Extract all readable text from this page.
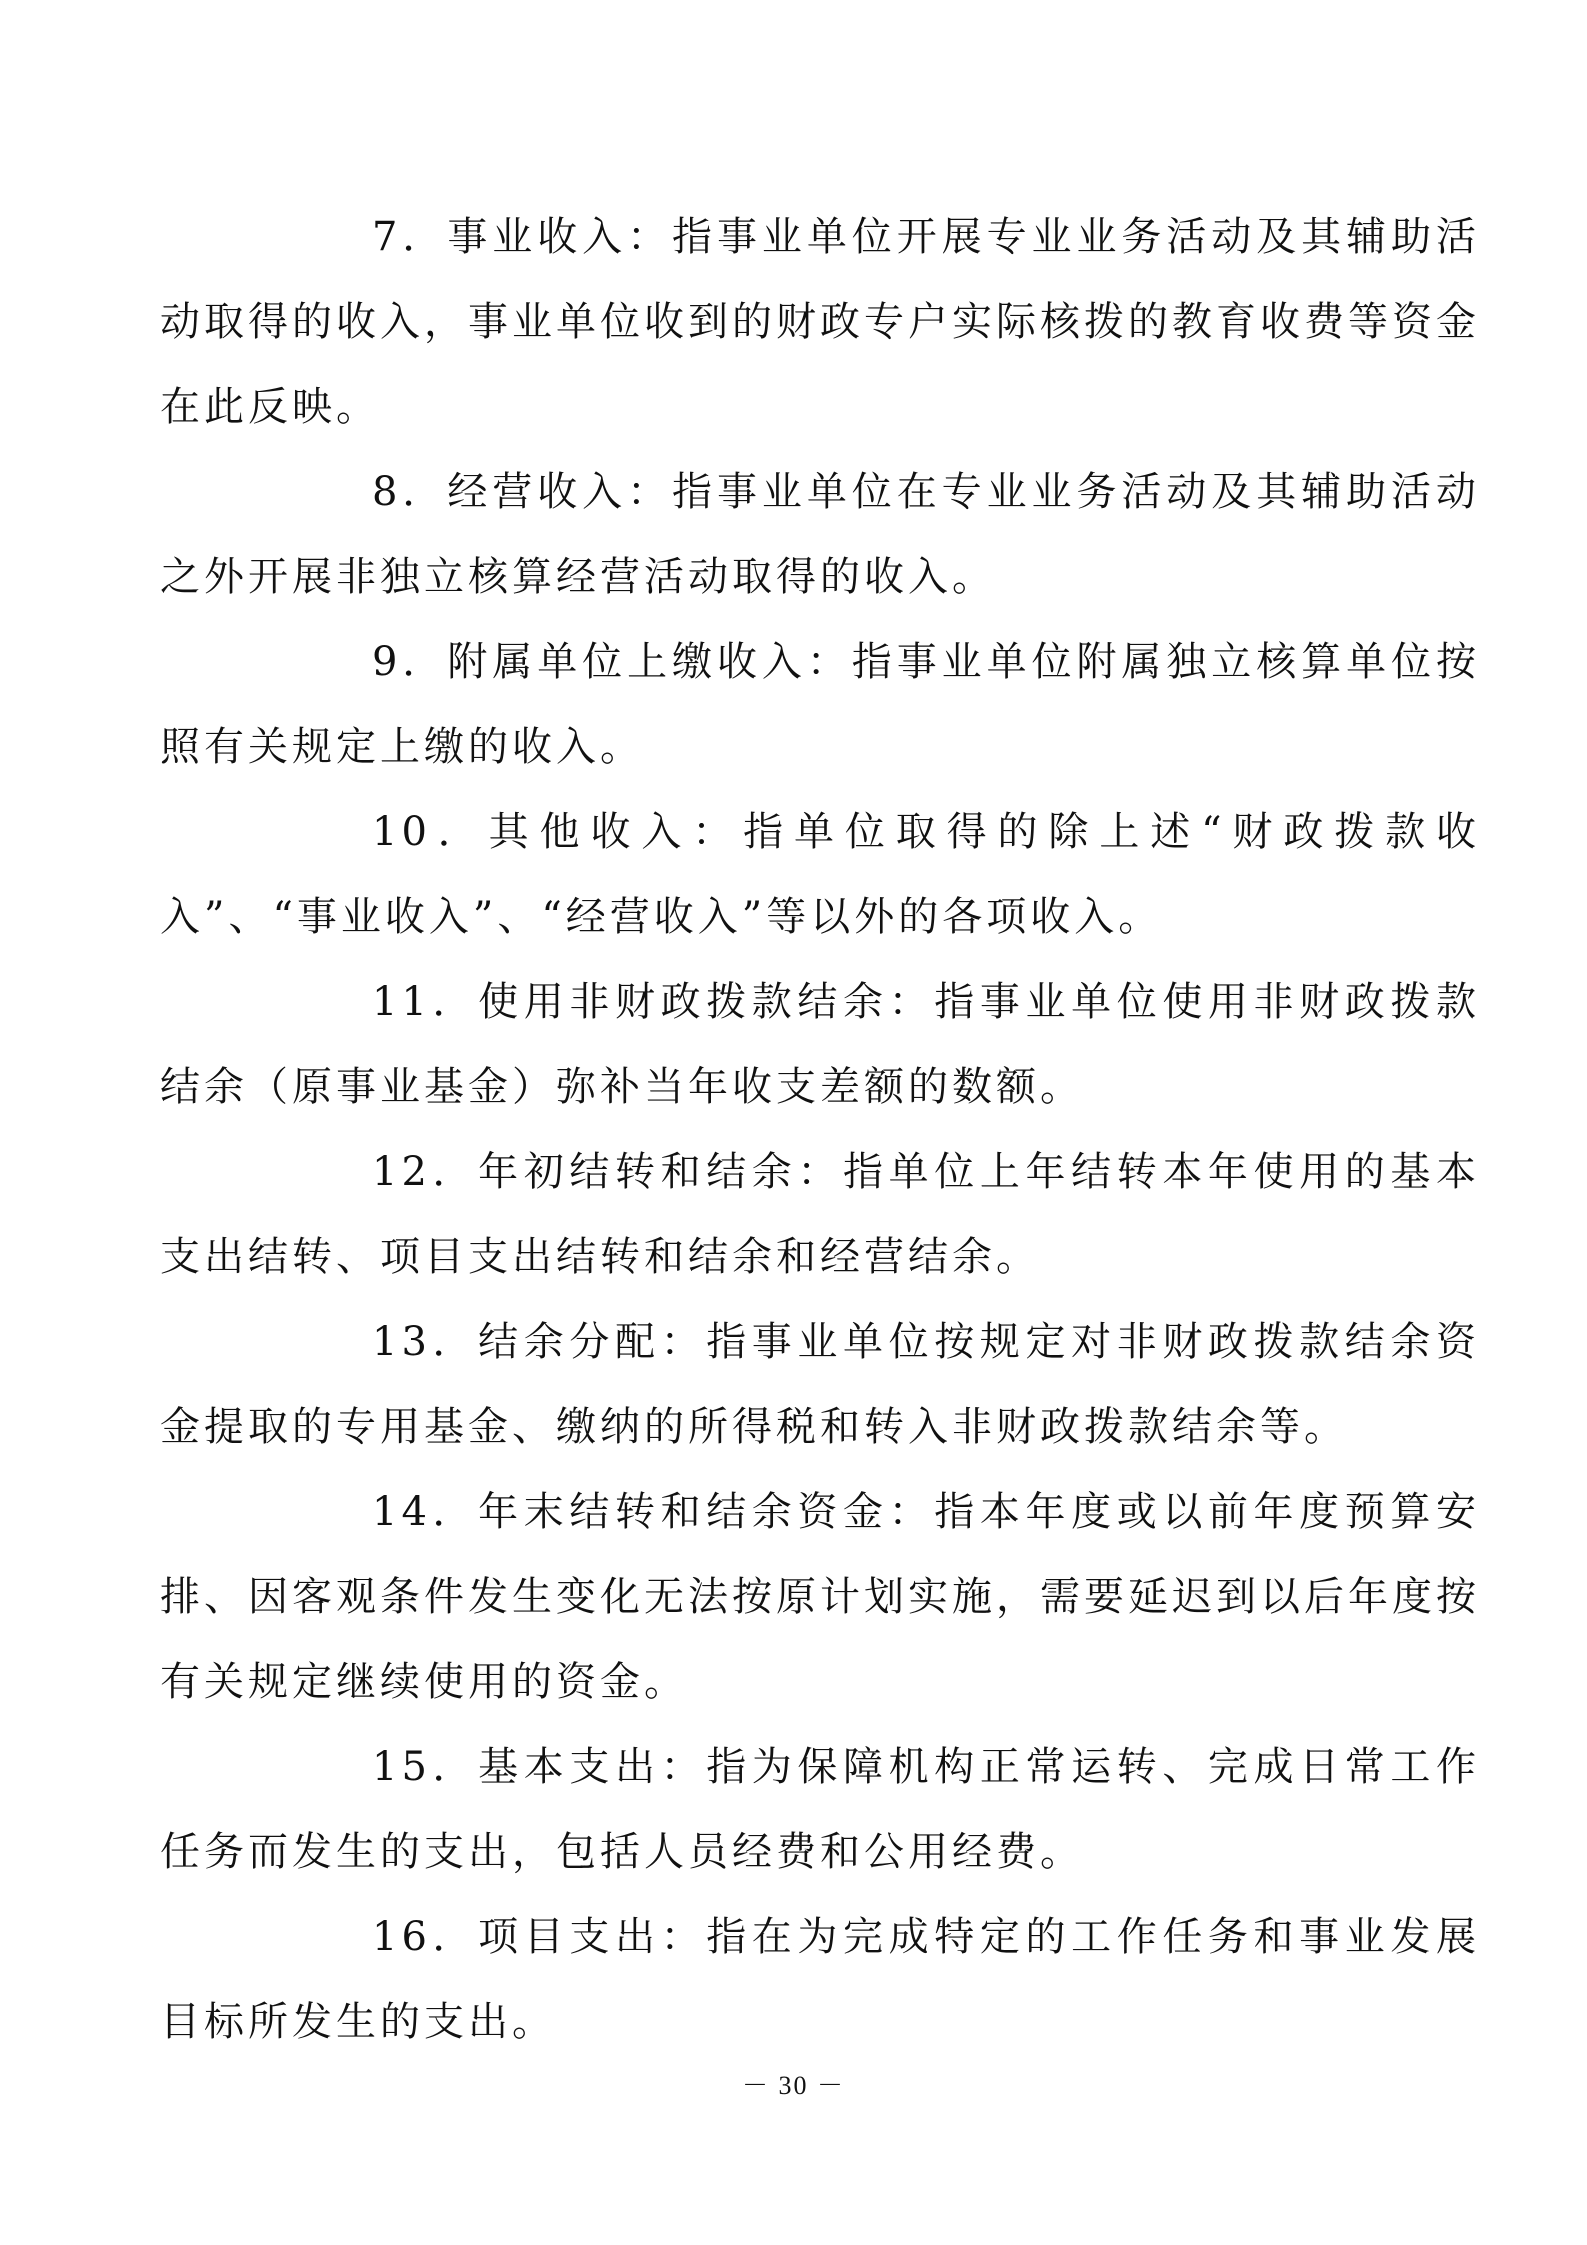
7．事业收入：指事业单位开展专业业务活动及其辅助活动取得的收入，事业单位收到的财政专户实际核拨的教育收费等资金在此反映。

8．经营收入：指事业单位在专业业务活动及其辅助活动之外开展非独立核算经营活动取得的收入。

9．附属单位上缴收入：指事业单位附属独立核算单位按照有关规定上缴的收入。

10．其他收入：指单位取得的除上述“财政拨款收入”、“事业收入”、“经营收入”等以外的各项收入。

11．使用非财政拨款结余：指事业单位使用非财政拨款结余（原事业基金）弥补当年收支差额的数额。

12．年初结转和结余：指单位上年结转本年使用的基本支出结转、项目支出结转和结余和经营结余。

13．结余分配：指事业单位按规定对非财政拨款结余资金提取的专用基金、缴纳的所得税和转入非财政拨款结余等。

14．年末结转和结余资金：指本年度或以前年度预算安排、因客观条件发生变化无法按原计划实施，需要延迟到以后年度按有关规定继续使用的资金。

15．基本支出：指为保障机构正常运转、完成日常工作任务而发生的支出，包括人员经费和公用经费。

16．项目支出：指在为完成特定的工作任务和事业发展目标所发生的支出。

－ 30 －
